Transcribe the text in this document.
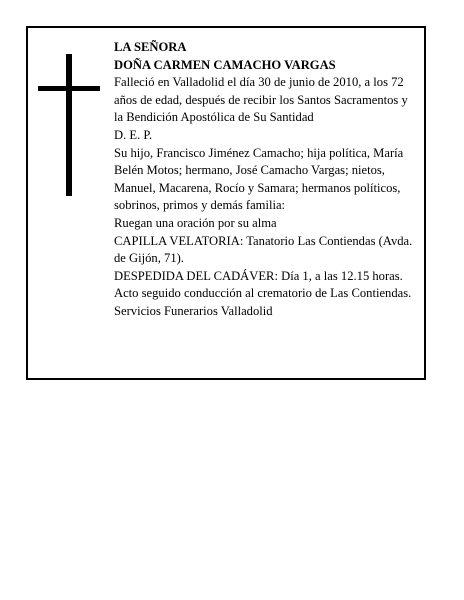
LA SEÑORA

DOÑA CARMEN CAMACHO VARGAS

Falleció en Valladolid el día 30 de junio de 2010, a los 72 años de edad, después de recibir los Santos Sacramentos y la Bendición Apostólica de Su Santidad

D. E. P.

Su hijo, Francisco Jiménez Camacho; hija política, María Belén Motos; hermano, José Camacho Vargas; nietos, Manuel, Macarena, Rocío y Samara; hermanos políticos, sobrinos, primos y demás familia:

Ruegan una oración por su alma

CAPILLA VELATORIA: Tanatorio Las Contiendas (Avda. de Gijón, 71).

DESPEDIDA DEL CADÁVER: Día 1, a las 12.15 horas. Acto seguido conducción al crematorio de Las Contiendas.

Servicios Funerarios Valladolid
